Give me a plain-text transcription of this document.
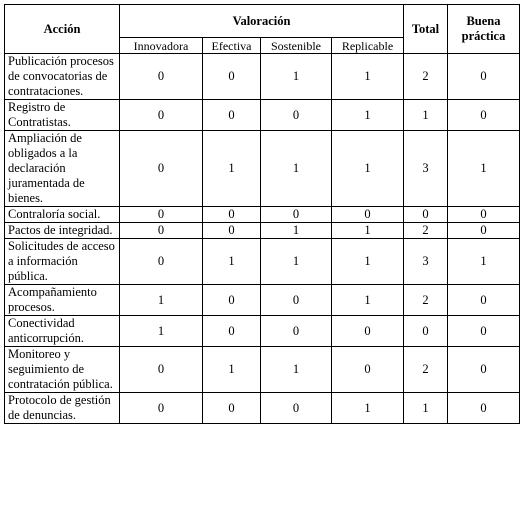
Acción	Valoración				Total	Buena práctica
	Innovadora	Efectiva	Sostenible	Replicable		
Publicación procesos de convocatorias de contrataciones.	0	0	1	1	2	0
Registro de Contratistas.	0	0	0	1	1	0
Ampliación de obligados a la declaración juramentada de bienes.	0	1	1	1	3	1
Contraloría social.	0	0	0	0	0	0
Pactos de integridad.	0	0	1	1	2	0
Solicitudes de acceso a información pública.	0	1	1	1	3	1
Acompañamiento procesos.	1	0	0	1	2	0
Conectividad anticorrupción.	1	0	0	0	0	0
Monitoreo y seguimiento de contratación pública.	0	1	1	0	2	0
Protocolo de gestión de denuncias.	0	0	0	1	1	0
